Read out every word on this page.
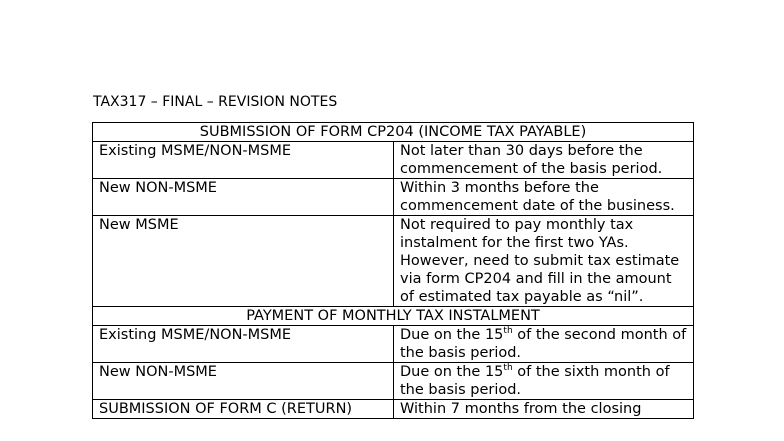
TAX317 – FINAL – REVISION NOTES
SUBMISSION OF FORM CP204 (INCOME TAX PAYABLE)	
Existing MSME/NON-MSME	Not later than 30 days before the commencement of the basis period.
New NON-MSME	Within 3 months before the commencement date of the business.
New MSME	Not required to pay monthly tax instalment for the first two YAs. However, need to submit tax estimate via form CP204 and fill in the amount of estimated tax payable as “nil”.
PAYMENT OF MONTHLY TAX INSTALMENT	
Existing MSME/NON-MSME	Due on the 15th of the second month of the basis period.
New NON-MSME	Due on the 15th of the sixth month of the basis period.
SUBMISSION OF FORM C (RETURN)	Within 7 months from the closing
